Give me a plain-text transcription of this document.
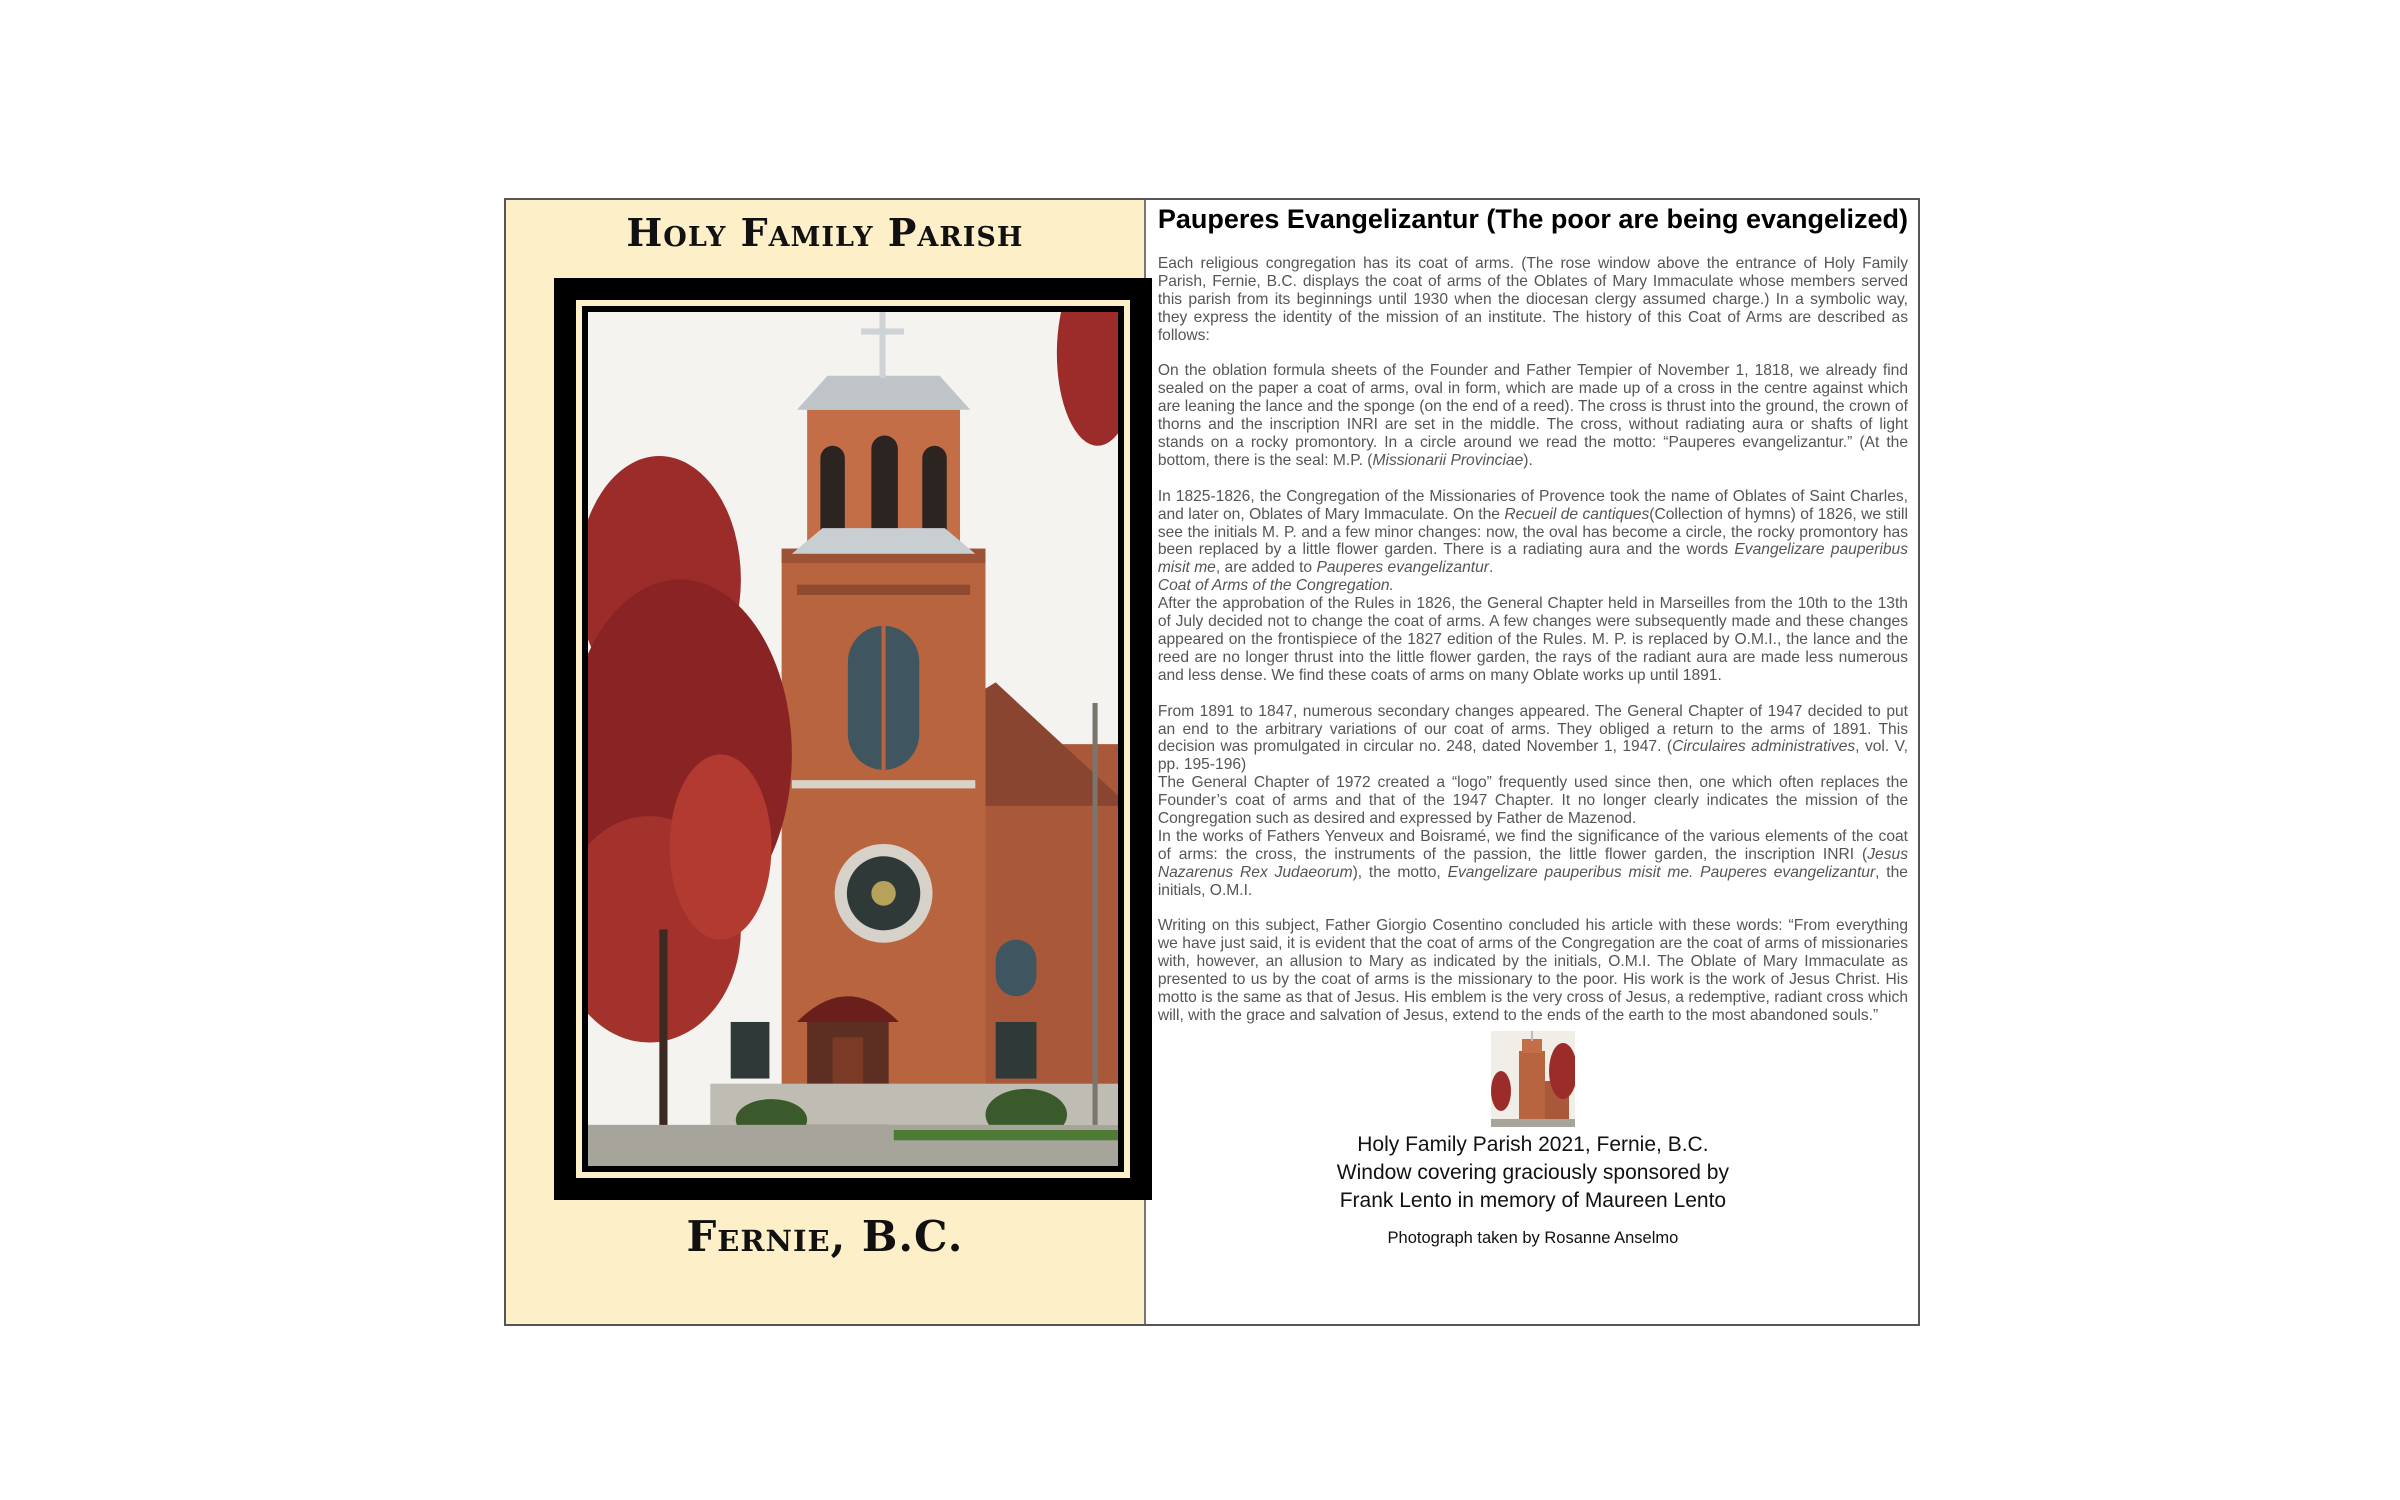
Holy Family Parish
Fernie, B.C.
Pauperes Evangelizantur (The poor are being evangelized)

Each religious congregation has its coat of arms. (The rose window above the entrance of Holy Family Parish, Fernie, B.C. displays the coat of arms of the Oblates of Mary Immaculate whose members served this parish from its beginnings until 1930 when the diocesan clergy assumed charge.) In a symbolic way, they express the identity of the mission of an institute. The history of this Coat of Arms are described as follows:

On the oblation formula sheets of the Founder and Father Tempier of November 1, 1818, we already find sealed on the paper a coat of arms, oval in form, which are made up of a cross in the centre against which are leaning the lance and the sponge (on the end of a reed). The cross is thrust into the ground, the crown of thorns and the inscription INRI are set in the middle. The cross, without radiating aura or shafts of light stands on a rocky promontory. In a circle around we read the motto: “Pauperes evangelizantur.” (At the bottom, there is the seal: M.P. (Missionarii Provinciae).

In 1825-1826, the Congregation of the Missionaries of Provence took the name of Oblates of Saint Charles, and later on, Oblates of Mary Immaculate. On the Recueil de cantiques(Collection of hymns) of 1826, we still see the initials M. P. and a few minor changes: now, the oval has become a circle, the rocky promontory has been replaced by a little flower garden. There is a radiating aura and the words Evangelizare pauperibus misit me, are added to Pauperes evangelizantur.

Coat of Arms of the Congregation.

After the approbation of the Rules in 1826, the General Chapter held in Marseilles from the 10th to the 13th of July decided not to change the coat of arms. A few changes were subsequently made and these changes appeared on the frontispiece of the 1827 edition of the Rules. M. P. is replaced by O.M.I., the lance and the reed are no longer thrust into the little flower garden, the rays of the radiant aura are made less numerous and less dense. We find these coats of arms on many Oblate works up until 1891.

From 1891 to 1847, numerous secondary changes appeared. The General Chapter of 1947 decided to put an end to the arbitrary variations of our coat of arms. They obliged a return to the arms of 1891. This decision was promulgated in circular no. 248, dated November 1, 1947. (Circulaires administratives, vol. V, pp. 195-196)

The General Chapter of 1972 created a “logo” frequently used since then, one which often replaces the Founder’s coat of arms and that of the 1947 Chapter. It no longer clearly indicates the mission of the Congregation such as desired and expressed by Father de Mazenod.

In the works of Fathers Yenveux and Boisramé, we find the significance of the various elements of the coat of arms: the cross, the instruments of the passion, the little flower garden, the inscription INRI (Jesus Nazarenus Rex Judaeorum), the motto, Evangelizare pauperibus misit me. Pauperes evangelizantur, the initials, O.M.I.

Writing on this subject, Father Giorgio Cosentino concluded his article with these words: “From everything we have just said, it is evident that the coat of arms of the Congregation are the coat of arms of missionaries with, however, an allusion to Mary as indicated by the initials, O.M.I. The Oblate of Mary Immaculate as presented to us by the coat of arms is the missionary to the poor. His work is the work of Jesus Christ. His motto is the same as that of Jesus. His emblem is the very cross of Jesus, a redemptive, radiant cross which will, with the grace and salvation of Jesus, extend to the ends of the earth to the most abandoned souls.”

Holy Family Parish 2021, Fernie, B.C.
Window covering graciously sponsored by
Frank Lento in memory of Maureen Lento
Photograph taken by Rosanne Anselmo
